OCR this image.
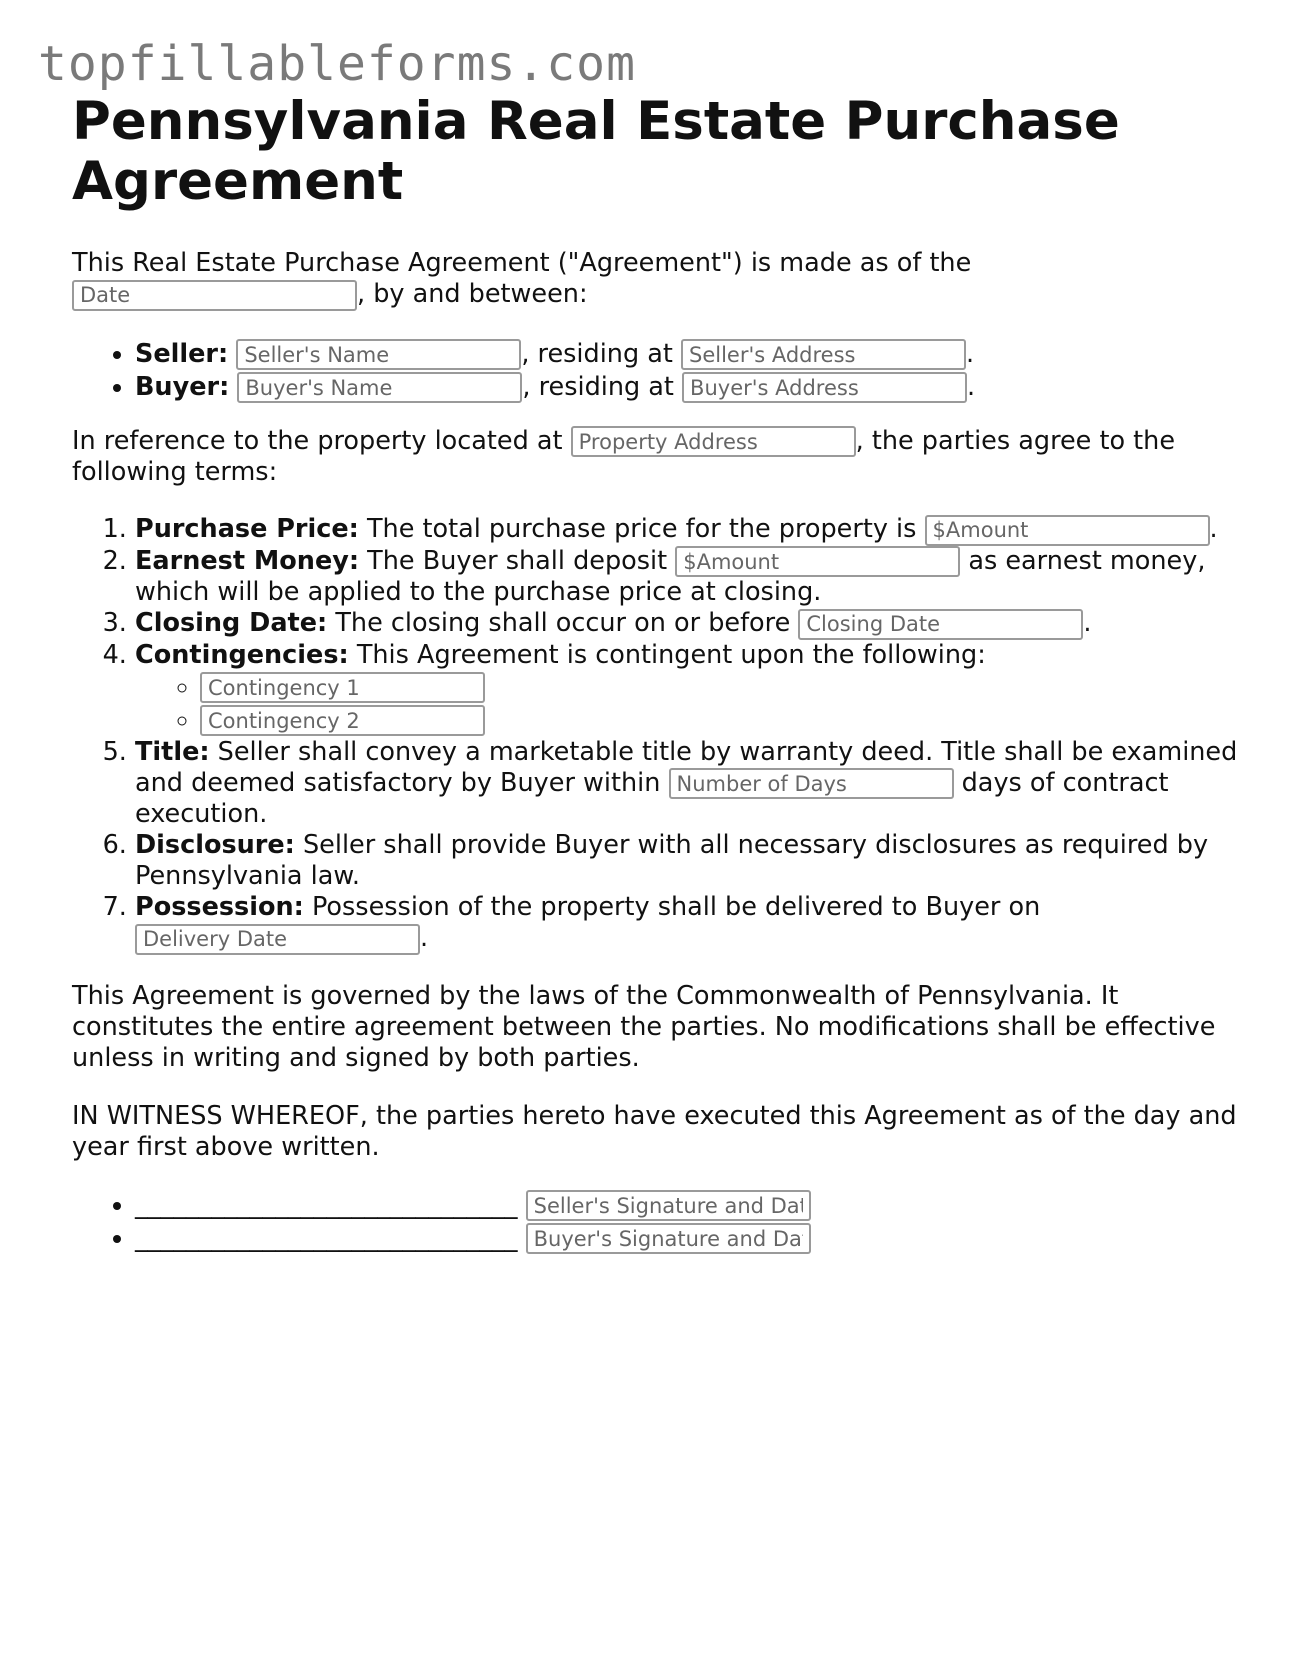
topfillableforms.com
Pennsylvania Real Estate Purchase Agreement

This Real Estate Purchase Agreement ("Agreement") is made as of the
Date, by and between:

• Seller: Seller's Name	, residing at Seller's Address	.
• Buyer: Buyer's Name	, residing at Buyer's Address	.

In reference to the property located at Property Address	, the parties agree to the following terms:

1. Purchase Price: The total purchase price for the property is $Amount	.
2. Earnest Money: The Buyer shall deposit $Amount	as earnest money, which will be applied to the purchase price at closing.
3. Closing Date: The closing shall occur on or before Closing Date	.
4. Contingencies: This Agreement is contingent upon the following:
◦ Contingency 1
◦ Contingency 2
5. Title: Seller shall convey a marketable title by warranty deed. Title shall be examined and deemed satisfactory by Buyer within Number of Days	days of contract execution.
6. Disclosure: Seller shall provide Buyer with all necessary disclosures as required by Pennsylvania law.
7. Possession: Possession of the property shall be delivered to Buyer on
Delivery Date.

This Agreement is governed by the laws of the Commonwealth of Pennsylvania. It constitutes the entire agreement between the parties. No modifications shall be effective unless in writing and signed by both parties.

IN WITNESS WHEREOF, the parties hereto have executed this Agreement as of the day and year first above written.

• ______________________________ Seller's Signature and Date
• ______________________________ Buyer's Signature and Date
